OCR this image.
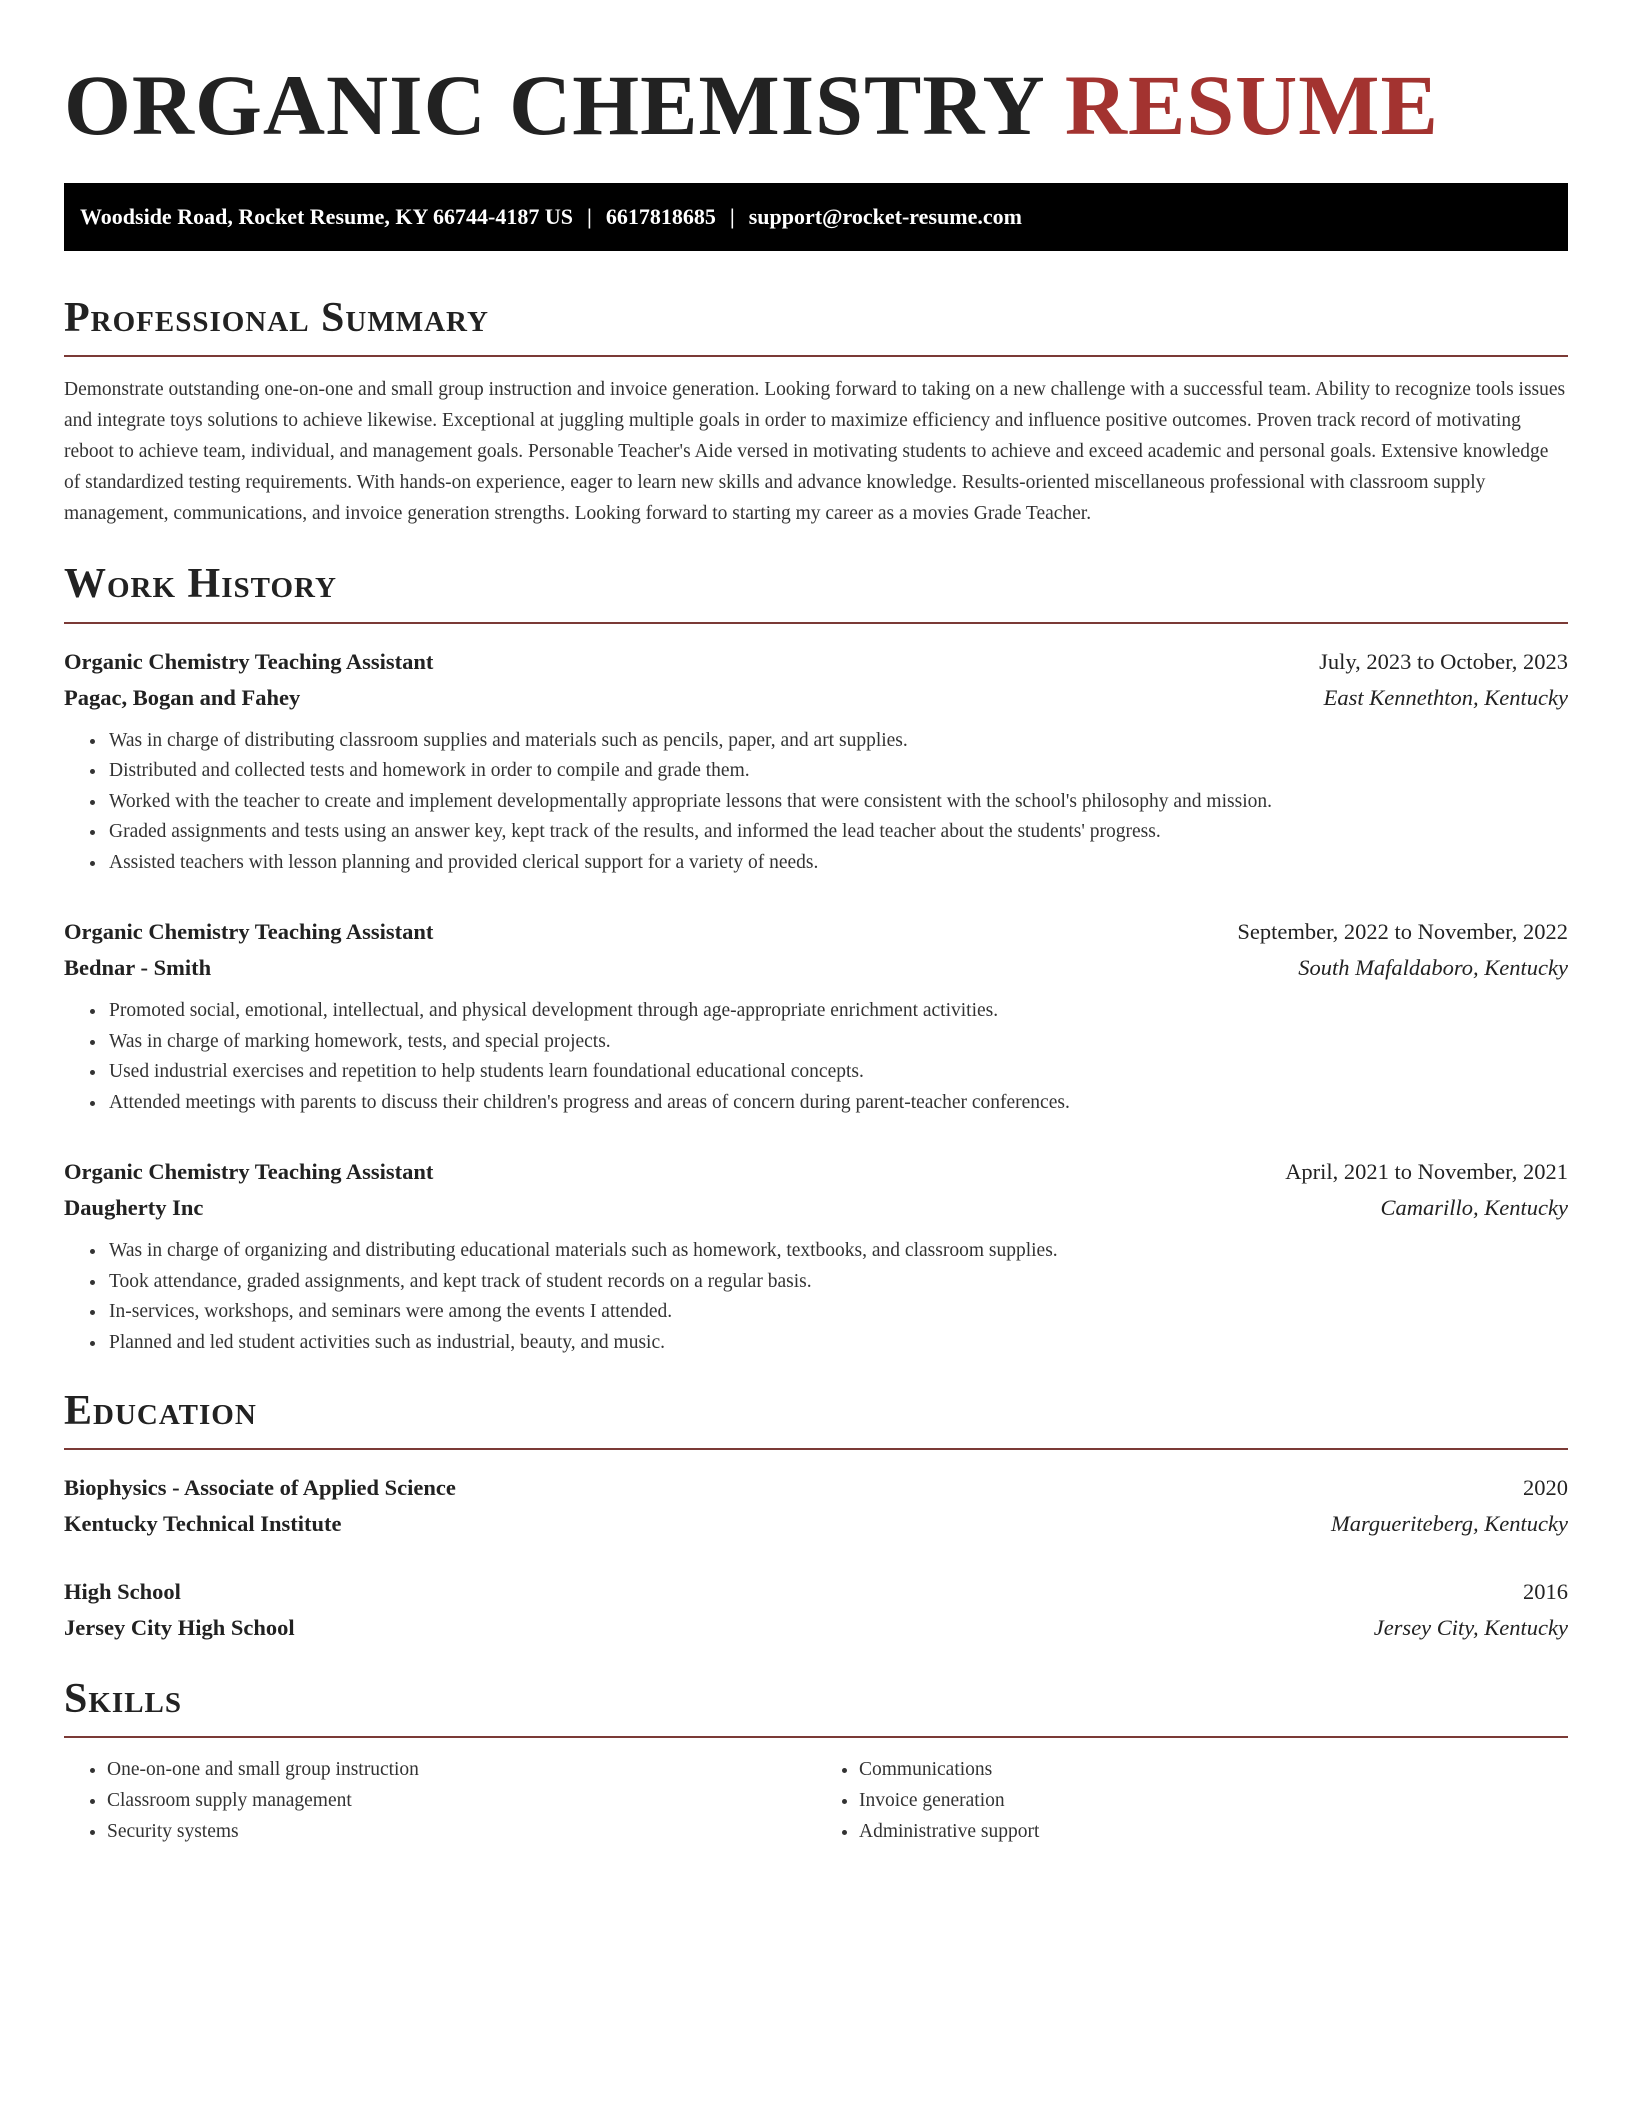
ORGANIC CHEMISTRY RESUME
Woodside Road, Rocket Resume, KY 66744-4187 US | 6617818685 | support@rocket-resume.com
Professional Summary

Demonstrate outstanding one-on-one and small group instruction and invoice generation. Looking forward to taking on a new challenge with a successful team. Ability to recognize tools issues and integrate toys solutions to achieve likewise. Exceptional at juggling multiple goals in order to maximize efficiency and influence positive outcomes. Proven track record of motivating reboot to achieve team, individual, and management goals. Personable Teacher's Aide versed in motivating students to achieve and exceed academic and personal goals. Extensive knowledge of standardized testing requirements. With hands-on experience, eager to learn new skills and advance knowledge. Results-oriented miscellaneous professional with classroom supply management, communications, and invoice generation strengths. Looking forward to starting my career as a movies Grade Teacher.

Work History
Organic Chemistry Teaching Assistant	July, 2023 to October, 2023
Pagac, Bogan and Fahey	East Kennethton, Kentucky
• Was in charge of distributing classroom supplies and materials such as pencils, paper, and art supplies.
• Distributed and collected tests and homework in order to compile and grade them.
• Worked with the teacher to create and implement developmentally appropriate lessons that were consistent with the school's philosophy and mission.
• Graded assignments and tests using an answer key, kept track of the results, and informed the lead teacher about the students' progress.
• Assisted teachers with lesson planning and provided clerical support for a variety of needs.
Organic Chemistry Teaching Assistant	September, 2022 to November, 2022
Bednar - Smith	South Mafaldaboro, Kentucky
• Promoted social, emotional, intellectual, and physical development through age-appropriate enrichment activities.
• Was in charge of marking homework, tests, and special projects.
• Used industrial exercises and repetition to help students learn foundational educational concepts.
• Attended meetings with parents to discuss their children's progress and areas of concern during parent-teacher conferences.
Organic Chemistry Teaching Assistant	April, 2021 to November, 2021
Daugherty Inc	Camarillo, Kentucky
• Was in charge of organizing and distributing educational materials such as homework, textbooks, and classroom supplies.
• Took attendance, graded assignments, and kept track of student records on a regular basis.
• In-services, workshops, and seminars were among the events I attended.
• Planned and led student activities such as industrial, beauty, and music.
Education
Biophysics - Associate of Applied Science	2020
Kentucky Technical Institute	Margueriteberg, Kentucky
High School	2016
Jersey City High School	Jersey City, Kentucky
Skills
• One-on-one and small group instruction
• Classroom supply management
• Security systems
• Communications
• Invoice generation
• Administrative support
